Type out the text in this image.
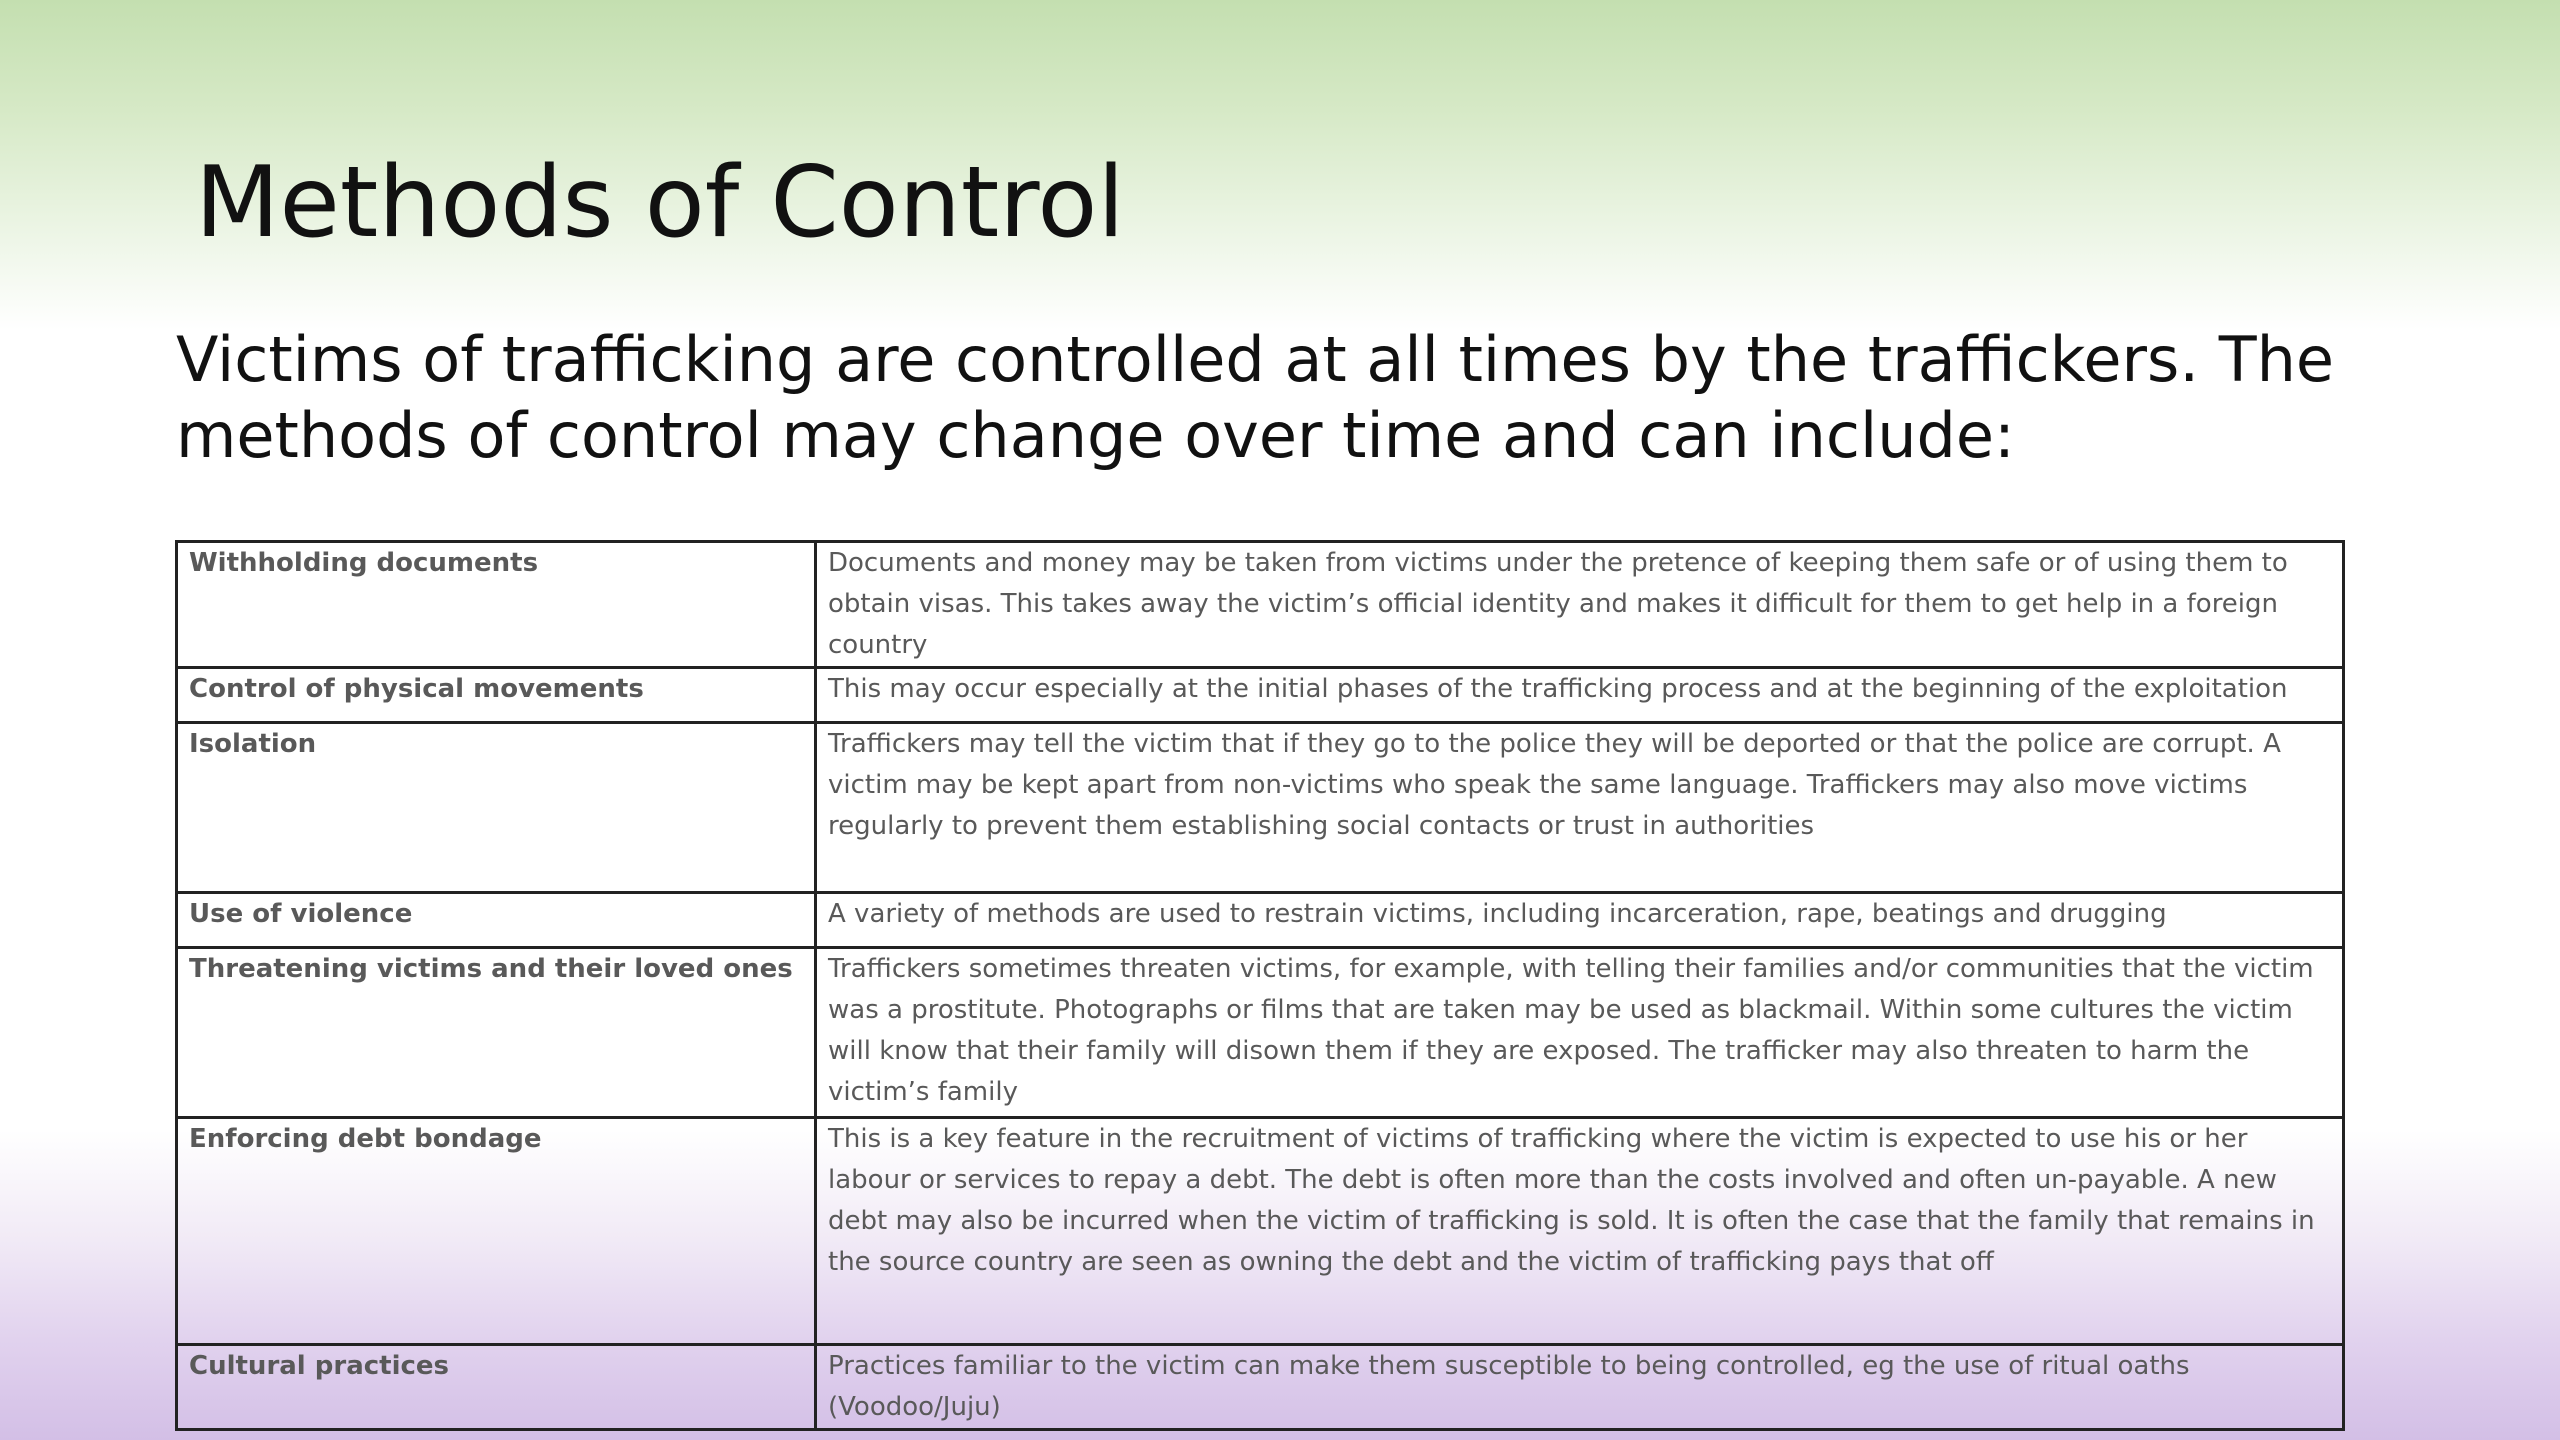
Methods of Control

Victims of trafficking are controlled at all times by the traffickers. The methods of control may change over time and can include:

Withholding documents	Documents and money may be taken from victims under the pretence of keeping them safe or of using them to obtain visas. This takes away the victim’s official identity and makes it difficult for them to get help in a foreign country
Control of physical movements	This may occur especially at the initial phases of the trafficking process and at the beginning of the exploitation
Isolation	Traffickers may tell the victim that if they go to the police they will be deported or that the police are corrupt. A victim may be kept apart from non-victims who speak the same language. Traffickers may also move victims regularly to prevent them establishing social contacts or trust in authorities
Use of violence	A variety of methods are used to restrain victims, including incarceration, rape, beatings and drugging
Threatening victims and their loved ones	Traffickers sometimes threaten victims, for example, with telling their families and/or communities that the victim was a prostitute. Photographs or films that are taken may be used as blackmail. Within some cultures the victim will know that their family will disown them if they are exposed. The trafficker may also threaten to harm the victim’s family
Enforcing debt bondage	This is a key feature in the recruitment of victims of trafficking where the victim is expected to use his or her labour or services to repay a debt. The debt is often more than the costs involved and often un-payable. A new debt may also be incurred when the victim of trafficking is sold. It is often the case that the family that remains in the source country are seen as owning the debt and the victim of trafficking pays that off
Cultural practices	Practices familiar to the victim can make them susceptible to being controlled, eg the use of ritual oaths (Voodoo/Juju)
